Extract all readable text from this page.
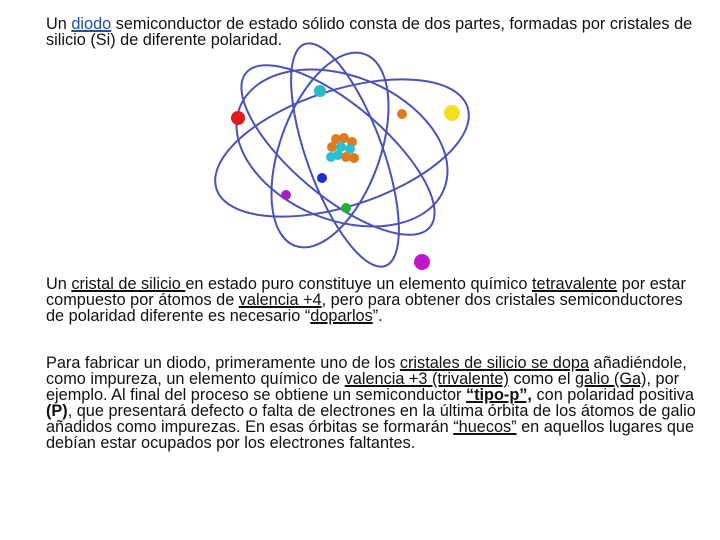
Un diodo semiconductor de estado sólido consta de dos partes, formadas por cristales de silicio (Si) de diferente polaridad.

Un cristal de silicio en estado puro constituye un elemento químico tetravalente por estar compuesto por átomos de valencia +4, pero para obtener dos cristales semiconductores de polaridad diferente es necesario “doparlos”.

Para fabricar un diodo, primeramente uno de los cristales de silicio se dopa añadiéndole, como impureza, un elemento químico de valencia +3 (trivalente) como el galio (Ga), por ejemplo. Al final del proceso se obtiene un semiconductor “tipo-p”, con polaridad positiva (P), que presentará defecto o falta de electrones en la última órbita de los átomos de galio añadidos como impurezas. En esas órbitas se formarán “huecos” en aquellos lugares que debían estar ocupados por los electrones faltantes.
